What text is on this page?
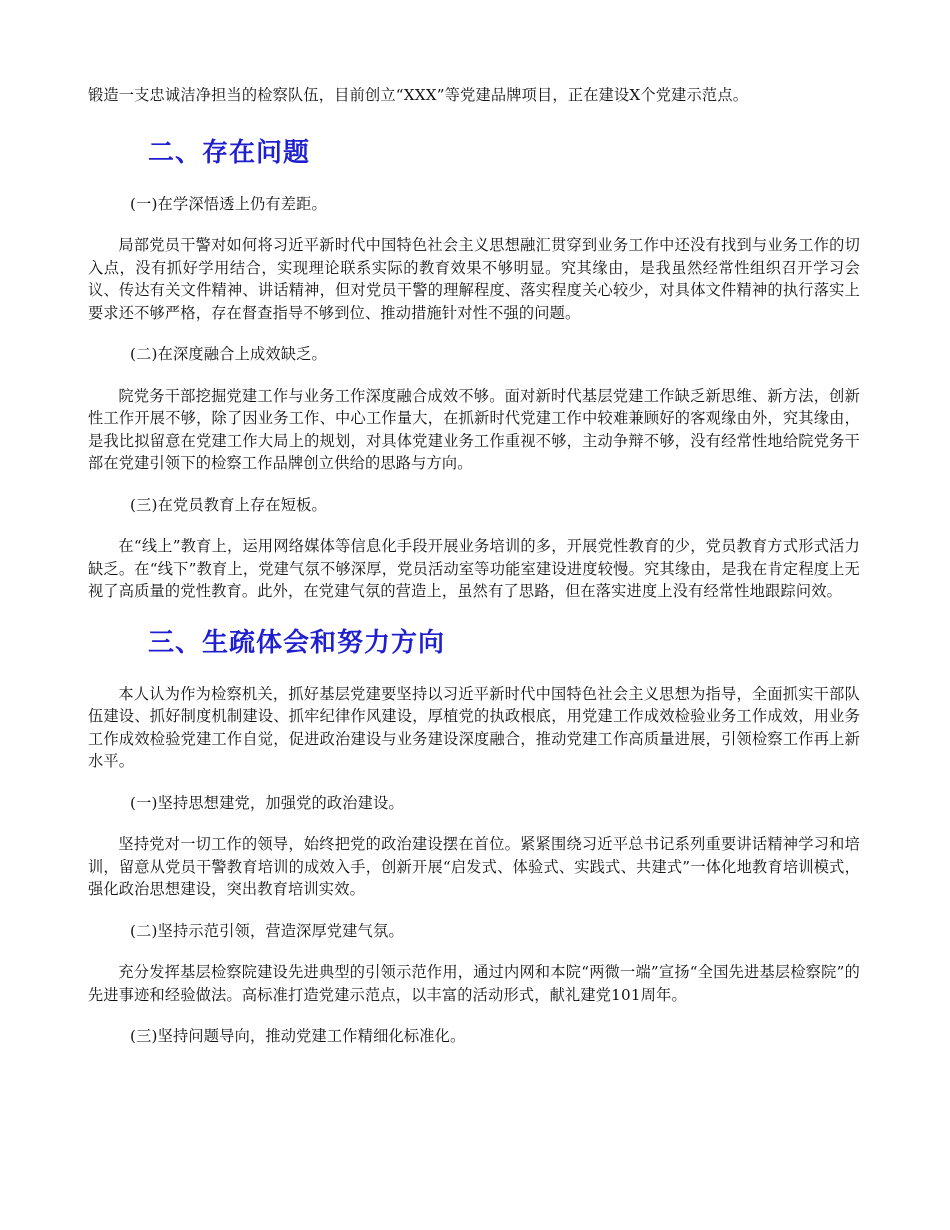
锻造一支忠诚洁净担当的检察队伍，目前创立“XXX”等党建品牌项目，正在建设X个党建示范点。

二、存在问题

(一)在学深悟透上仍有差距。

局部党员干警对如何将习近平新时代中国特色社会主义思想融汇贯穿到业务工作中还没有找到与业务工作的切入点，没有抓好学用结合，实现理论联系实际的教育效果不够明显。究其缘由，是我虽然经常性组织召开学习会议、传达有关文件精神、讲话精神，但对党员干警的理解程度、落实程度关心较少，对具体文件精神的执行落实上要求还不够严格，存在督查指导不够到位、推动措施针对性不强的问题。

(二)在深度融合上成效缺乏。

院党务干部挖掘党建工作与业务工作深度融合成效不够。面对新时代基层党建工作缺乏新思维、新方法，创新性工作开展不够，除了因业务工作、中心工作量大，在抓新时代党建工作中较难兼顾好的客观缘由外，究其缘由，是我比拟留意在党建工作大局上的规划，对具体党建业务工作重视不够，主动争辩不够，没有经常性地给院党务干部在党建引领下的检察工作品牌创立供给的思路与方向。

(三)在党员教育上存在短板。

在“线上”教育上，运用网络媒体等信息化手段开展业务培训的多，开展党性教育的少，党员教育方式形式活力缺乏。在“线下”教育上，党建气氛不够深厚，党员活动室等功能室建设进度较慢。究其缘由，是我在肯定程度上无视了高质量的党性教育。此外，在党建气氛的营造上，虽然有了思路，但在落实进度上没有经常性地跟踪问效。

三、生疏体会和努力方向

本人认为作为检察机关，抓好基层党建要坚持以习近平新时代中国特色社会主义思想为指导，全面抓实干部队伍建设、抓好制度机制建设、抓牢纪律作风建设，厚植党的执政根底，用党建工作成效检验业务工作成效，用业务工作成效检验党建工作自觉，促进政治建设与业务建设深度融合，推动党建工作高质量进展，引领检察工作再上新水平。

(一)坚持思想建党，加强党的政治建设。

坚持党对一切工作的领导，始终把党的政治建设摆在首位。紧紧围绕习近平总书记系列重要讲话精神学习和培训，留意从党员干警教育培训的成效入手，创新开展“启发式、体验式、实践式、共建式”一体化地教育培训模式，强化政治思想建设，突出教育培训实效。

(二)坚持示范引领，营造深厚党建气氛。

充分发挥基层检察院建设先进典型的引领示范作用，通过内网和本院“两微一端”宣扬“全国先进基层检察院”的先进事迹和经验做法。高标准打造党建示范点，以丰富的活动形式，献礼建党101周年。

(三)坚持问题导向，推动党建工作精细化标准化。
